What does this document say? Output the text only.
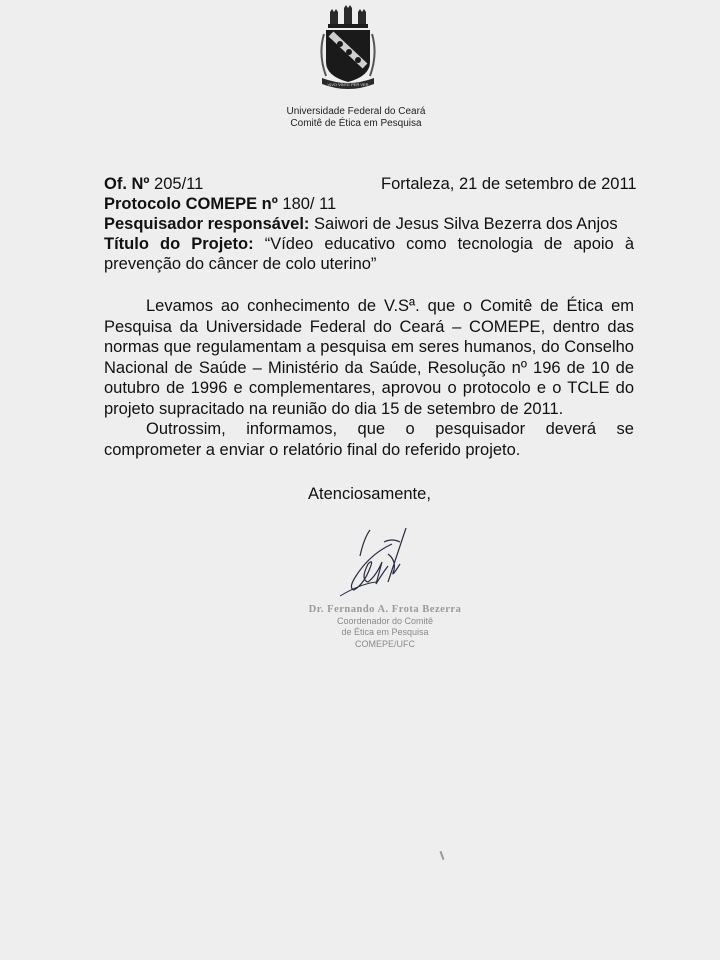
VIVO VINTE PER VER
Universidade Federal do Ceará
Comitê de Ética em Pesquisa
Of. Nº 205/11	Fortaleza, 21 de setembro de 2011
Protocolo COMEPE nº 180/ 11
Pesquisador responsável: Saiwori de Jesus Silva Bezerra dos Anjos
Título do Projeto: “Vídeo educativo como tecnologia de apoio à prevenção do câncer de colo uterino”

Levamos ao conhecimento de V.Sª. que o Comitê de Ética em Pesquisa da Universidade Federal do Ceará – COMEPE, dentro das normas que regulamentam a pesquisa em seres humanos, do Conselho Nacional de Saúde – Ministério da Saúde, Resolução nº 196 de 10 de outubro de 1996 e complementares, aprovou o protocolo e o TCLE do projeto supracitado na reunião do dia 15 de setembro de 2011.

Outrossim, informamos, que o pesquisador deverá se comprometer a enviar o relatório final do referido projeto.

Atenciosamente,
Dr. Fernando A. Frota Bezerra
Coordenador do Comitê
de Ética em Pesquisa
COMEPE/UFC
